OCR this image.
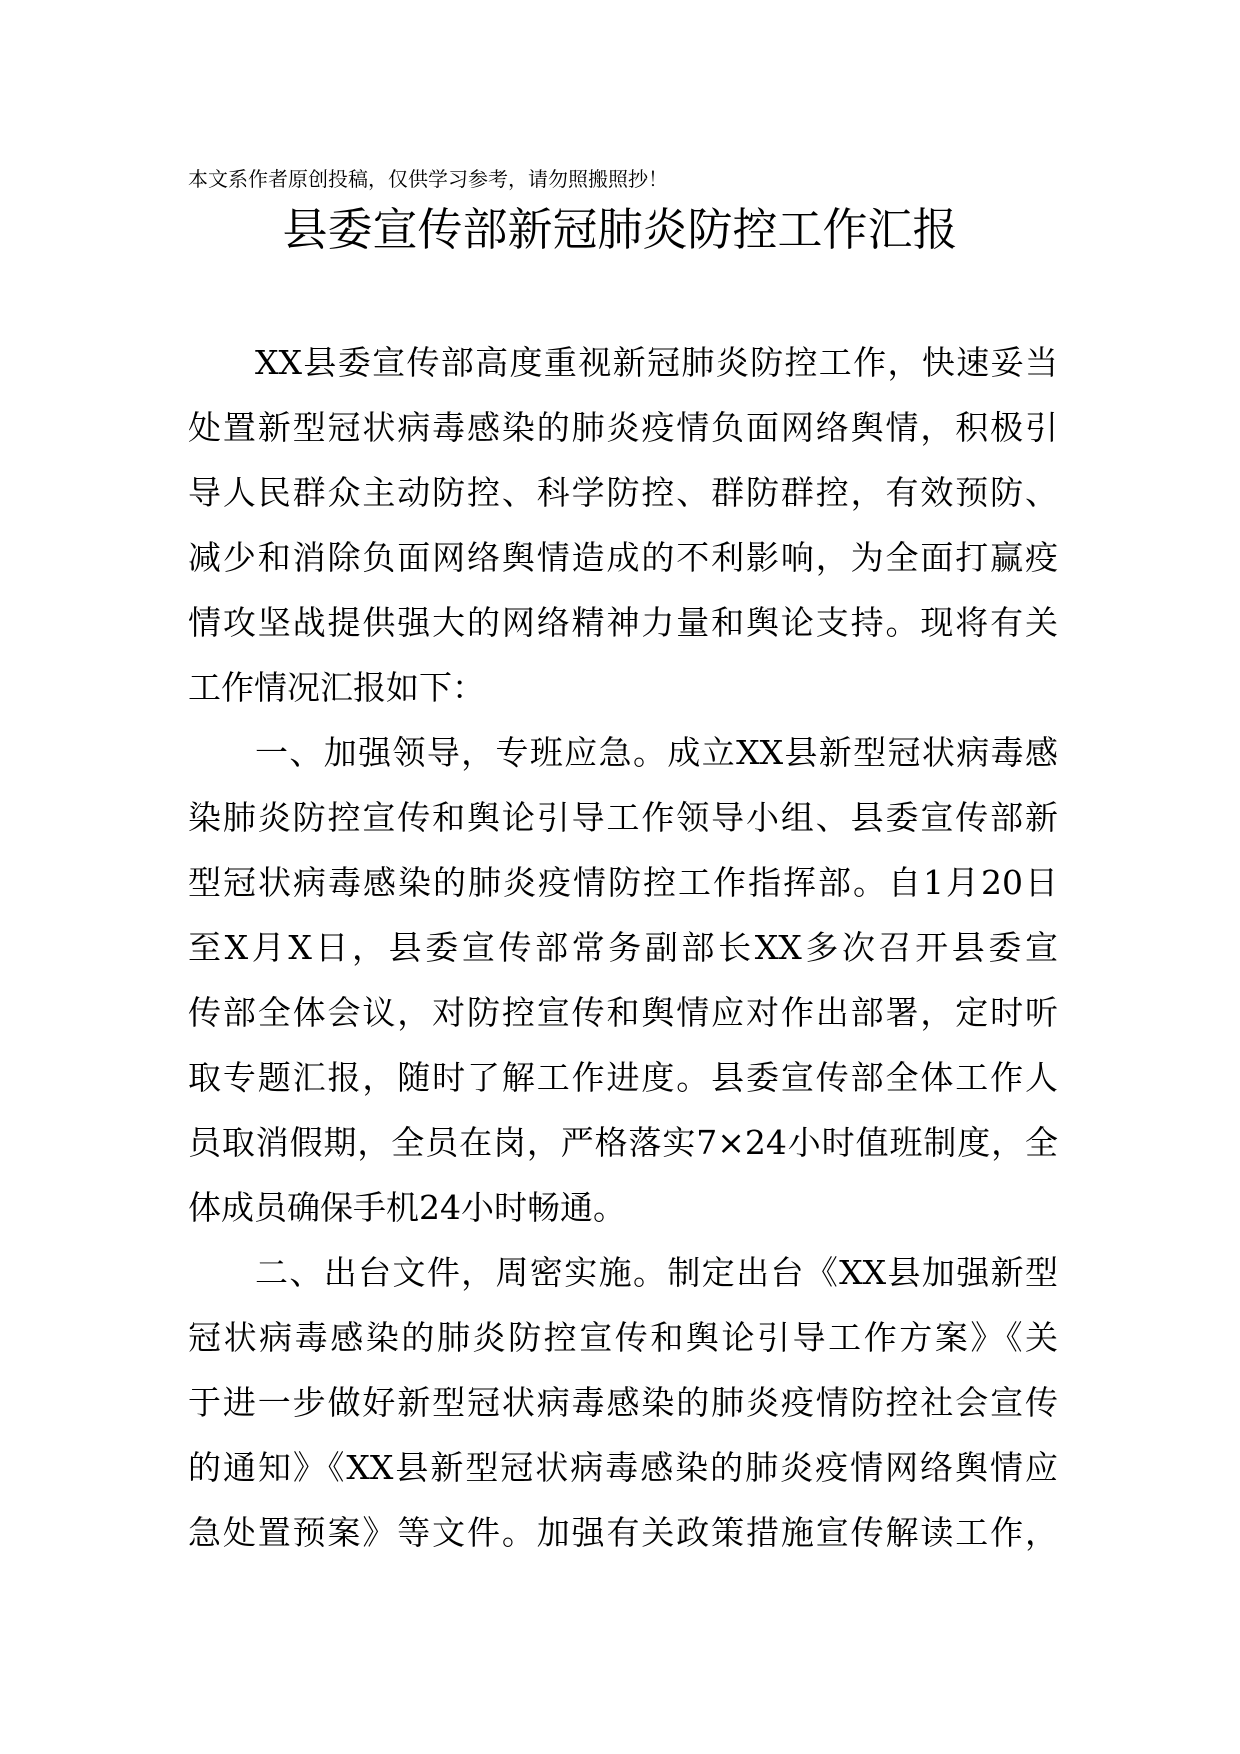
本文系作者原创投稿，仅供学习参考，请勿照搬照抄！
县委宣传部新冠肺炎防控工作汇报
XX县委宣传部高度重视新冠肺炎防控工作，快速妥当
处置新型冠状病毒感染的肺炎疫情负面网络舆情，积极引
导人民群众主动防控、科学防控、群防群控，有效预防、
减少和消除负面网络舆情造成的不利影响，为全面打赢疫
情攻坚战提供强大的网络精神力量和舆论支持。现将有关
工作情况汇报如下：
一、加强领导，专班应急。成立XX县新型冠状病毒感
染肺炎防控宣传和舆论引导工作领导小组、县委宣传部新
型冠状病毒感染的肺炎疫情防控工作指挥部。自1月20日
至X月X日，县委宣传部常务副部长XX多次召开县委宣
传部全体会议，对防控宣传和舆情应对作出部署，定时听
取专题汇报，随时了解工作进度。县委宣传部全体工作人
员取消假期，全员在岗，严格落实7×24小时值班制度，全
体成员确保手机24小时畅通。
二、出台文件，周密实施。制定出台《XX县加强新型
冠状病毒感染的肺炎防控宣传和舆论引导工作方案》《关
于进一步做好新型冠状病毒感染的肺炎疫情防控社会宣传
的通知》《XX县新型冠状病毒感染的肺炎疫情网络舆情应
急处置预案》等文件。加强有关政策措施宣传解读工作，
